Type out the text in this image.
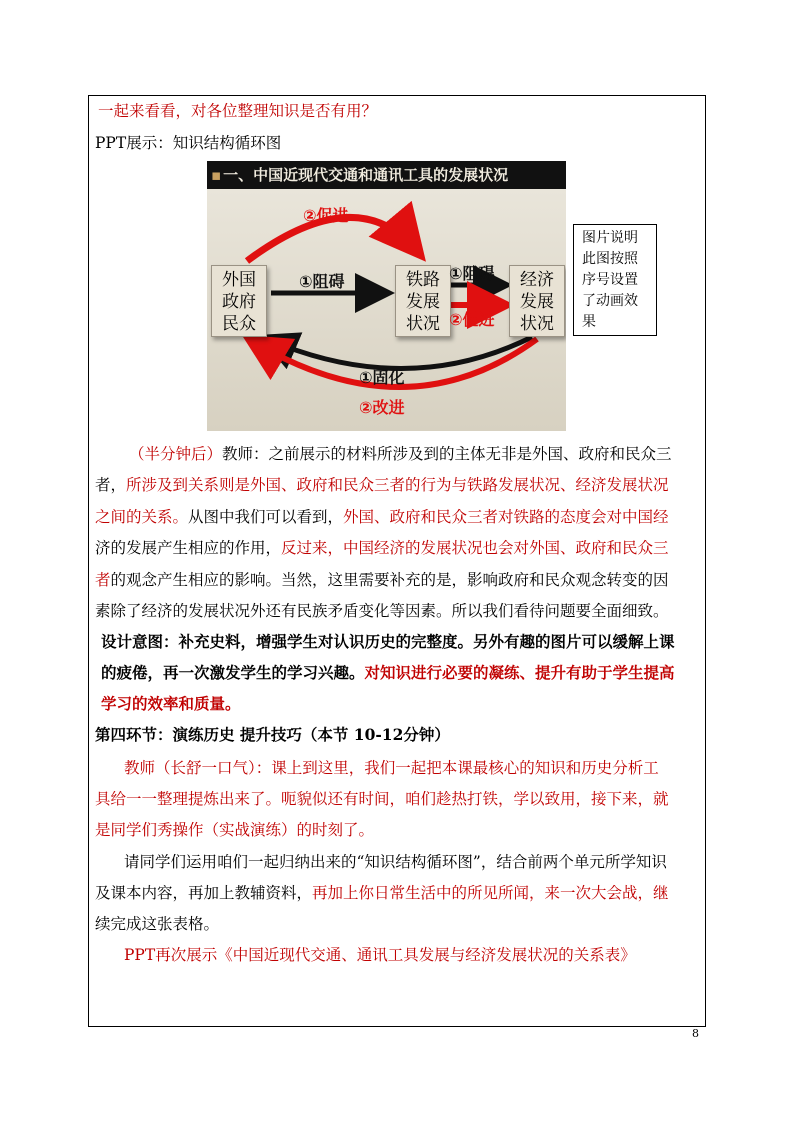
一起来看看，对各位整理知识是否有用？
PPT展示：知识结构循环图
▪ 一、中国近现代交通和通讯工具的发展状况
外国
政府
民众
铁路
发展
状况
经济
发展
状况
②促进
①阻碍	①阻碍
②促进
①固化
②改进
图片说明
此图按照
序号设置
了动画效
果
（半分钟后）教师：之前展示的材料所涉及到的主体无非是外国、政府和民众三
者，所涉及到关系则是外国、政府和民众三者的行为与铁路发展状况、经济发展状况
之间的关系。从图中我们可以看到，外国、政府和民众三者对铁路的态度会对中国经
济的发展产生相应的作用，反过来，中国经济的发展状况也会对外国、政府和民众三
者的观念产生相应的影响。当然，这里需要补充的是，影响政府和民众观念转变的因
素除了经济的发展状况外还有民族矛盾变化等因素。所以我们看待问题要全面细致。
设计意图：补充史料，增强学生对认识历史的完整度。另外有趣的图片可以缓解上课
的疲倦，再一次激发学生的学习兴趣。对知识进行必要的凝练、提升有助于学生提高
学习的效率和质量。
第四环节：演练历史 提升技巧（本节 10-12分钟）
教师（长舒一口气）：课上到这里，我们一起把本课最核心的知识和历史分析工
具给一一整理提炼出来了。呃貌似还有时间，咱们趁热打铁，学以致用，接下来，就
是同学们秀操作（实战演练）的时刻了。
请同学们运用咱们一起归纳出来的“知识结构循环图”，结合前两个单元所学知识
及课本内容，再加上教辅资料，再加上你日常生活中的所见所闻，来一次大会战，继
续完成这张表格。
PPT再次展示《中国近现代交通、通讯工具发展与经济发展状况的关系表》
8
